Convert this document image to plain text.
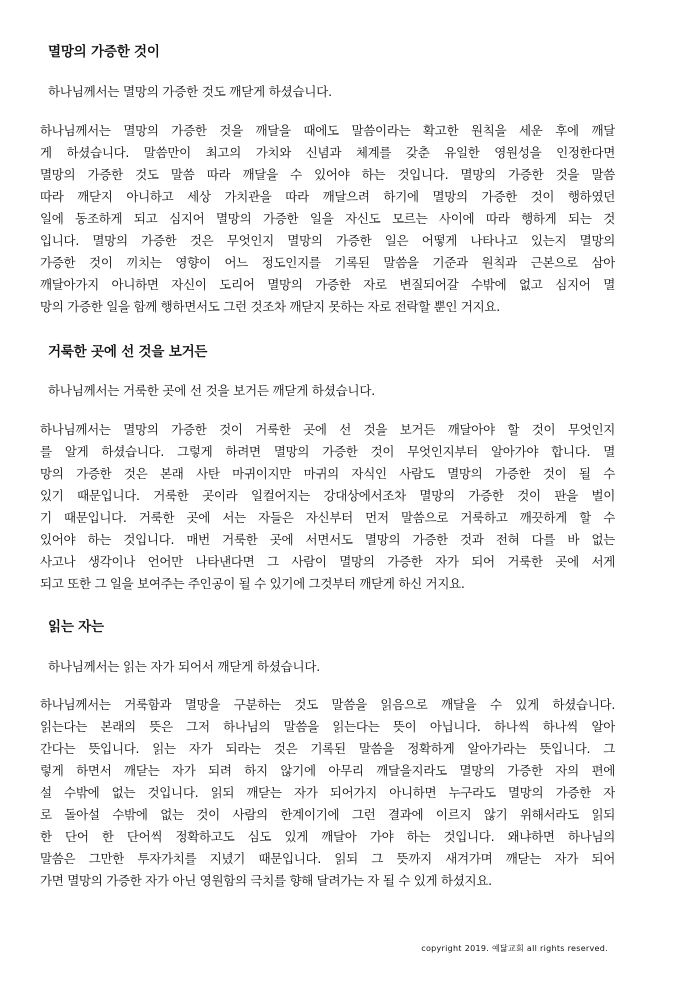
멸망의 가증한 것이
하나님께서는 멸망의 가증한 것도 깨닫게 하셨습니다.
하나님께서는 멸망의 가증한 것을 깨달을 때에도 말씀이라는 확고한 원칙을 세운 후에 깨달
게 하셨습니다. 말씀만이 최고의 가치와 신념과 체계를 갖춘 유일한 영원성을 인정한다면
멸망의 가증한 것도 말씀 따라 깨달을 수 있어야 하는 것입니다. 멸망의 가증한 것을 말씀
따라 깨닫지 아니하고 세상 가치관을 따라 깨달으려 하기에 멸망의 가증한 것이 행하였던
일에 동조하게 되고 심지어 멸망의 가증한 일을 자신도 모르는 사이에 따라 행하게 되는 것
입니다. 멸망의 가증한 것은 무엇인지 멸망의 가증한 일은 어떻게 나타나고 있는지 멸망의
가증한 것이 끼치는 영향이 어느 정도인지를 기록된 말씀을 기준과 원칙과 근본으로 삼아
깨달아가지 아니하면 자신이 도리어 멸망의 가증한 자로 변질되어갈 수밖에 없고 심지어 멸
망의 가증한 일을 함께 행하면서도 그런 것조차 깨닫지 못하는 자로 전락할 뿐인 거지요.
거룩한 곳에 선 것을 보거든
하나님께서는 거룩한 곳에 선 것을 보거든 깨닫게 하셨습니다.
하나님께서는 멸망의 가증한 것이 거룩한 곳에 선 것을 보거든 깨달아야 할 것이 무엇인지
를 알게 하셨습니다. 그렇게 하려면 멸망의 가증한 것이 무엇인지부터 알아가야 합니다. 멸
망의 가증한 것은 본래 사탄 마귀이지만 마귀의 자식인 사람도 멸망의 가증한 것이 될 수
있기 때문입니다. 거룩한 곳이라 일컬어지는 강대상에서조차 멸망의 가증한 것이 판을 벌이
기 때문입니다. 거룩한 곳에 서는 자들은 자신부터 먼저 말씀으로 거룩하고 깨끗하게 할 수
있어야 하는 것입니다. 매번 거룩한 곳에 서면서도 멸망의 가증한 것과 전혀 다를 바 없는
사고나 생각이나 언어만 나타낸다면 그 사람이 멸망의 가증한 자가 되어 거룩한 곳에 서게
되고 또한 그 일을 보여주는 주인공이 될 수 있기에 그것부터 깨닫게 하신 거지요.
읽는 자는
하나님께서는 읽는 자가 되어서 깨닫게 하셨습니다.
하나님께서는 거룩함과 멸망을 구분하는 것도 말씀을 읽음으로 깨달을 수 있게 하셨습니다.
읽는다는 본래의 뜻은 그저 하나님의 말씀을 읽는다는 뜻이 아닙니다. 하나씩 하나씩 알아
간다는 뜻입니다. 읽는 자가 되라는 것은 기록된 말씀을 정확하게 알아가라는 뜻입니다. 그
렇게 하면서 깨닫는 자가 되려 하지 않기에 아무리 깨달을지라도 멸망의 가증한 자의 편에
설 수밖에 없는 것입니다. 읽되 깨닫는 자가 되어가지 아니하면 누구라도 멸망의 가증한 자
로 돌아설 수밖에 없는 것이 사람의 한계이기에 그런 결과에 이르지 않기 위해서라도 읽되
한 단어 한 단어씩 정확하고도 심도 있게 깨달아 가야 하는 것입니다. 왜냐하면 하나님의
말씀은 그만한 투자가치를 지녔기 때문입니다. 읽되 그 뜻까지 새겨가며 깨닫는 자가 되어
가면 멸망의 가증한 자가 아닌 영원함의 극치를 향해 달려가는 자 될 수 있게 하셨지요.
copyright 2019. 예닮교회 all rights reserved.
